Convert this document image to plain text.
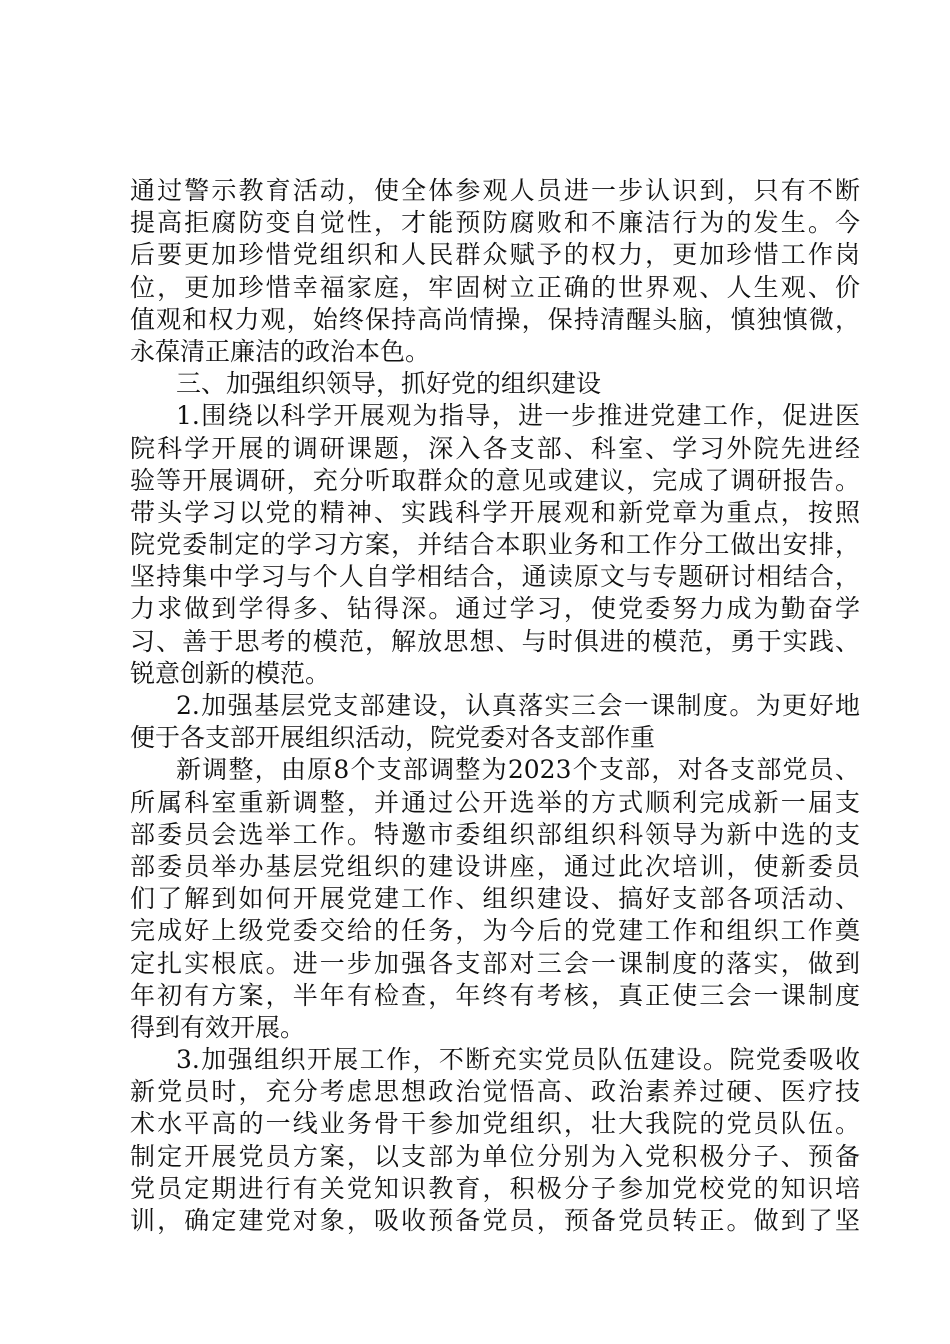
通过警示教育活动，使全体参观人员进一步认识到，只有不断
提高拒腐防变自觉性，才能预防腐败和不廉洁行为的发生。今
后要更加珍惜党组织和人民群众赋予的权力，更加珍惜工作岗
位，更加珍惜幸福家庭，牢固树立正确的世界观、人生观、价
值观和权力观，始终保持高尚情操，保持清醒头脑，慎独慎微，
永葆清正廉洁的政治本色。
三、加强组织领导，抓好党的组织建设
1.围绕以科学开展观为指导，进一步推进党建工作，促进医
院科学开展的调研课题，深入各支部、科室、学习外院先进经
验等开展调研，充分听取群众的意见或建议，完成了调研报告。
带头学习以党的精神、实践科学开展观和新党章为重点，按照
院党委制定的学习方案，并结合本职业务和工作分工做出安排，
坚持集中学习与个人自学相结合，通读原文与专题研讨相结合，
力求做到学得多、钻得深。通过学习，使党委努力成为勤奋学
习、善于思考的模范，解放思想、与时俱进的模范，勇于实践、
锐意创新的模范。
2.加强基层党支部建设，认真落实三会一课制度。为更好地
便于各支部开展组织活动，院党委对各支部作重
新调整，由原8个支部调整为2023个支部，对各支部党员、
所属科室重新调整，并通过公开选举的方式顺利完成新一届支
部委员会选举工作。特邀市委组织部组织科领导为新中选的支
部委员举办基层党组织的建设讲座，通过此次培训，使新委员
们了解到如何开展党建工作、组织建设、搞好支部各项活动、
完成好上级党委交给的任务，为今后的党建工作和组织工作奠
定扎实根底。进一步加强各支部对三会一课制度的落实，做到
年初有方案，半年有检查，年终有考核，真正使三会一课制度
得到有效开展。
3.加强组织开展工作，不断充实党员队伍建设。院党委吸收
新党员时，充分考虑思想政治觉悟高、政治素养过硬、医疗技
术水平高的一线业务骨干参加党组织，壮大我院的党员队伍。
制定开展党员方案，以支部为单位分别为入党积极分子、预备
党员定期进行有关党知识教育，积极分子参加党校党的知识培
训，确定建党对象，吸收预备党员，预备党员转正。做到了坚
